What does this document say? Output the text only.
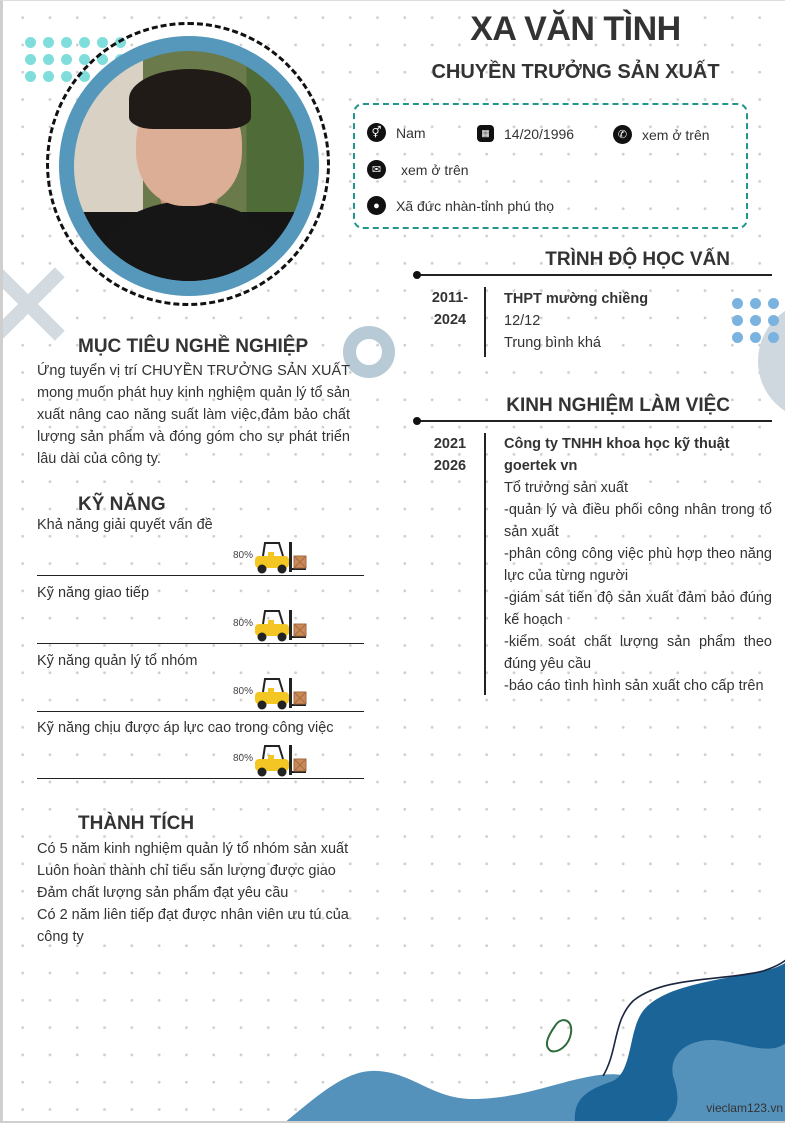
XA VĂN TÌNH
CHUYỀN TRƯỞNG SẢN XUẤT
⚥	Nam	▦	14/20/1996	✆	xem ở trên
✉	xem ở trên
●	Xã đức nhàn-tỉnh phú thọ
MỤC TIÊU NGHỀ NGHIỆP
Ứng tuyển vị trí CHUYỀN TRƯỞNG SẢN XUẤT mong muốn phát huy kinh nghiệm quản lý tổ sản xuất nâng cao năng suất làm việc,đảm bảo chất lượng sản phẩm và đóng góm cho sự phát triển lâu dài của công ty.
KỸ NĂNG
Khả năng giải quyết vấn đề
80%
Kỹ năng giao tiếp
80%
Kỹ năng quản lý tổ nhóm
80%
Kỹ năng chịu được áp lực cao trong công việc
80%
THÀNH TÍCH
Có 5 năm kinh nghiệm quản lý tổ nhóm sản xuất
Luôn hoàn thành chỉ tiêu sản lượng được giao
Đảm chất lượng sản phẩm đạt yêu cầu
Có 2 năm liên tiếp đạt được nhân viên ưu tú của công ty
TRÌNH ĐỘ HỌC VẤN
2011-
2024
THPT mường chiềng
12/12
Trung bình khá
KINH NGHIỆM LÀM VIỆC
2021
2026
Công ty TNHH khoa học kỹ thuật goertek vn
Tổ trưởng sản xuất
-quản lý và điều phối công nhân trong tổ sản xuất
-phân công công việc phù hợp theo năng lực của từng người
-giám sát tiến độ sản xuất đảm bảo đúng kế hoạch
-kiểm soát chất lượng sản phẩm theo đúng yêu cầu
-báo cáo tình hình sản xuất cho cấp trên
vieclam123.vn
